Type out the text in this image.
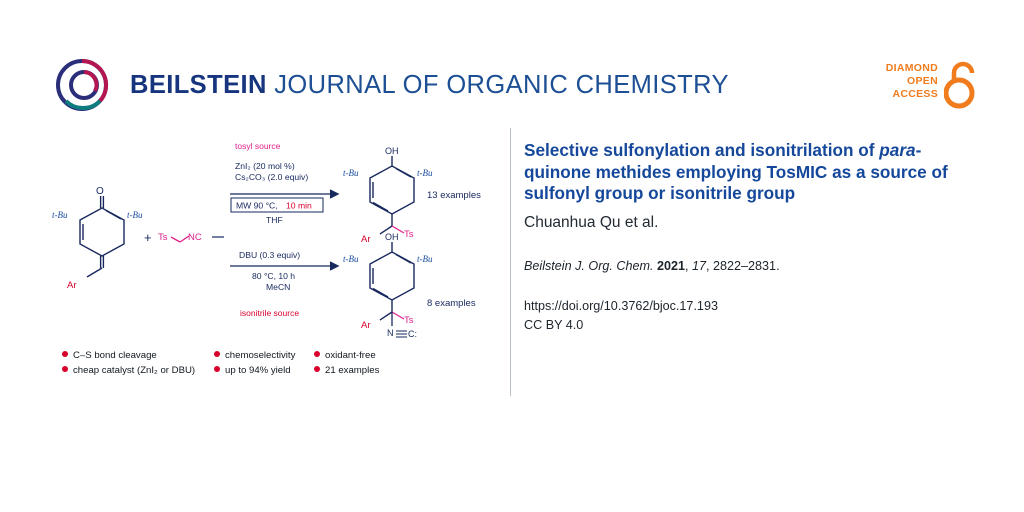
BEILSTEIN JOURNAL OF ORGANIC CHEMISTRY
DIAMOND
OPEN
ACCESS
O
t-Bu	t-Bu
Ar
+ Ts NC
tosyl source
ZnI₂ (20 mol %)
Cs₂CO₃ (2.0 equiv)
MW 90 °C, 10 min
THF
DBU (0.3 equiv)
80 °C, 10 h
MeCN
isonitrile source
OH
t-Bu	t-Bu
Ar	Ts
13 examples
OH
t-Bu	t-Bu
Ar	Ts
N C:
8 examples
C–S bond cleavage	chemoselectivity	oxidant-free
cheap catalyst (ZnI₂ or DBU)	up to 94% yield	21 examples
Selective sulfonylation and isonitrilation of para-quinone methides employing TosMIC as a source of sulfonyl group or isonitrile group
Chuanhua Qu et al.
Beilstein J. Org. Chem. 2021, 17, 2822–2831.
https://doi.org/10.3762/bjoc.17.193
CC BY 4.0
